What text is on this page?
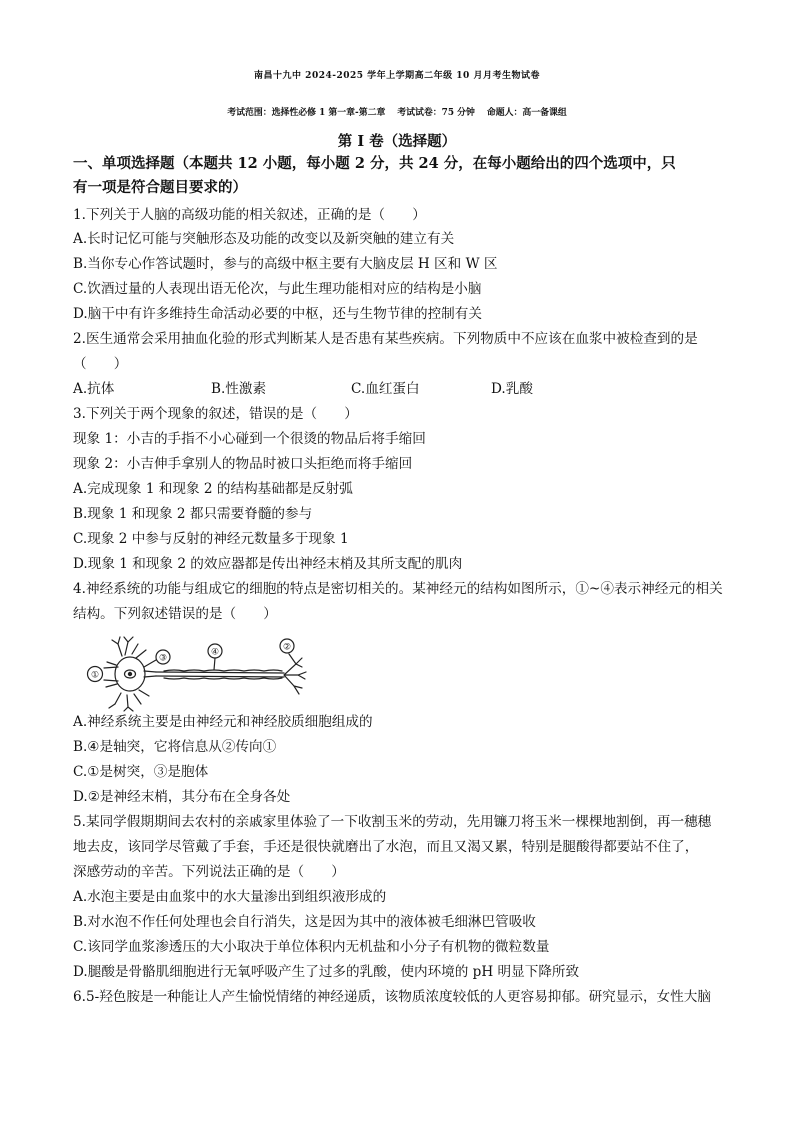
南昌十九中 2024-2025 学年上学期高二年级 10 月月考生物试卷
考试范围：选择性必修 1 第一章-第二章　 考试试卷：75 分钟　 命题人：高一备课组
第 I 卷（选择题）
一、单项选择题（本题共 12 小题，每小题 2 分，共 24 分，在每小题给出的四个选项中，只
有一项是符合题目要求的）
1.下列关于人脑的高级功能的相关叙述，正确的是（　　）
A.长时记忆可能与突触形态及功能的改变以及新突触的建立有关
B.当你专心作答试题时，参与的高级中枢主要有大脑皮层 H 区和 W 区
C.饮酒过量的人表现出语无伦次，与此生理功能相对应的结构是小脑
D.脑干中有许多维持生命活动必要的中枢，还与生物节律的控制有关
2.医生通常会采用抽血化验的形式判断某人是否患有某些疾病。下列物质中不应该在血浆中被检查到的是
（　　）
A.抗体	B.性激素	C.血红蛋白	D.乳酸
3.下列关于两个现象的叙述，错误的是（　　）
现象 1：小吉的手指不小心碰到一个很烫的物品后将手缩回
现象 2：小吉伸手拿别人的物品时被口头拒绝而将手缩回
A.完成现象 1 和现象 2 的结构基础都是反射弧
B.现象 1 和现象 2 都只需要脊髓的参与
C.现象 2 中参与反射的神经元数量多于现象 1
D.现象 1 和现象 2 的效应器都是传出神经末梢及其所支配的肌肉
4.神经系统的功能与组成它的细胞的特点是密切相关的。某神经元的结构如图所示，①~④表示神经元的相关
结构。下列叙述错误的是（　　）
①
②
③
④
A.神经系统主要是由神经元和神经胶质细胞组成的
B.④是轴突，它将信息从②传向①
C.①是树突，③是胞体
D.②是神经末梢，其分布在全身各处
5.某同学假期期间去农村的亲戚家里体验了一下收割玉米的劳动，先用镰刀将玉米一棵棵地割倒，再一穗穗
地去皮，该同学尽管戴了手套，手还是很快就磨出了水泡，而且又渴又累，特别是腿酸得都要站不住了，
深感劳动的辛苦。下列说法正确的是（　　）
A.水泡主要是由血浆中的水大量渗出到组织液形成的
B.对水泡不作任何处理也会自行消失，这是因为其中的液体被毛细淋巴管吸收
C.该同学血浆渗透压的大小取决于单位体积内无机盐和小分子有机物的微粒数量
D.腿酸是骨骼肌细胞进行无氧呼吸产生了过多的乳酸，使内环境的 pH 明显下降所致
6.5-羟色胺是一种能让人产生愉悦情绪的神经递质，该物质浓度较低的人更容易抑郁。研究显示，女性大脑
